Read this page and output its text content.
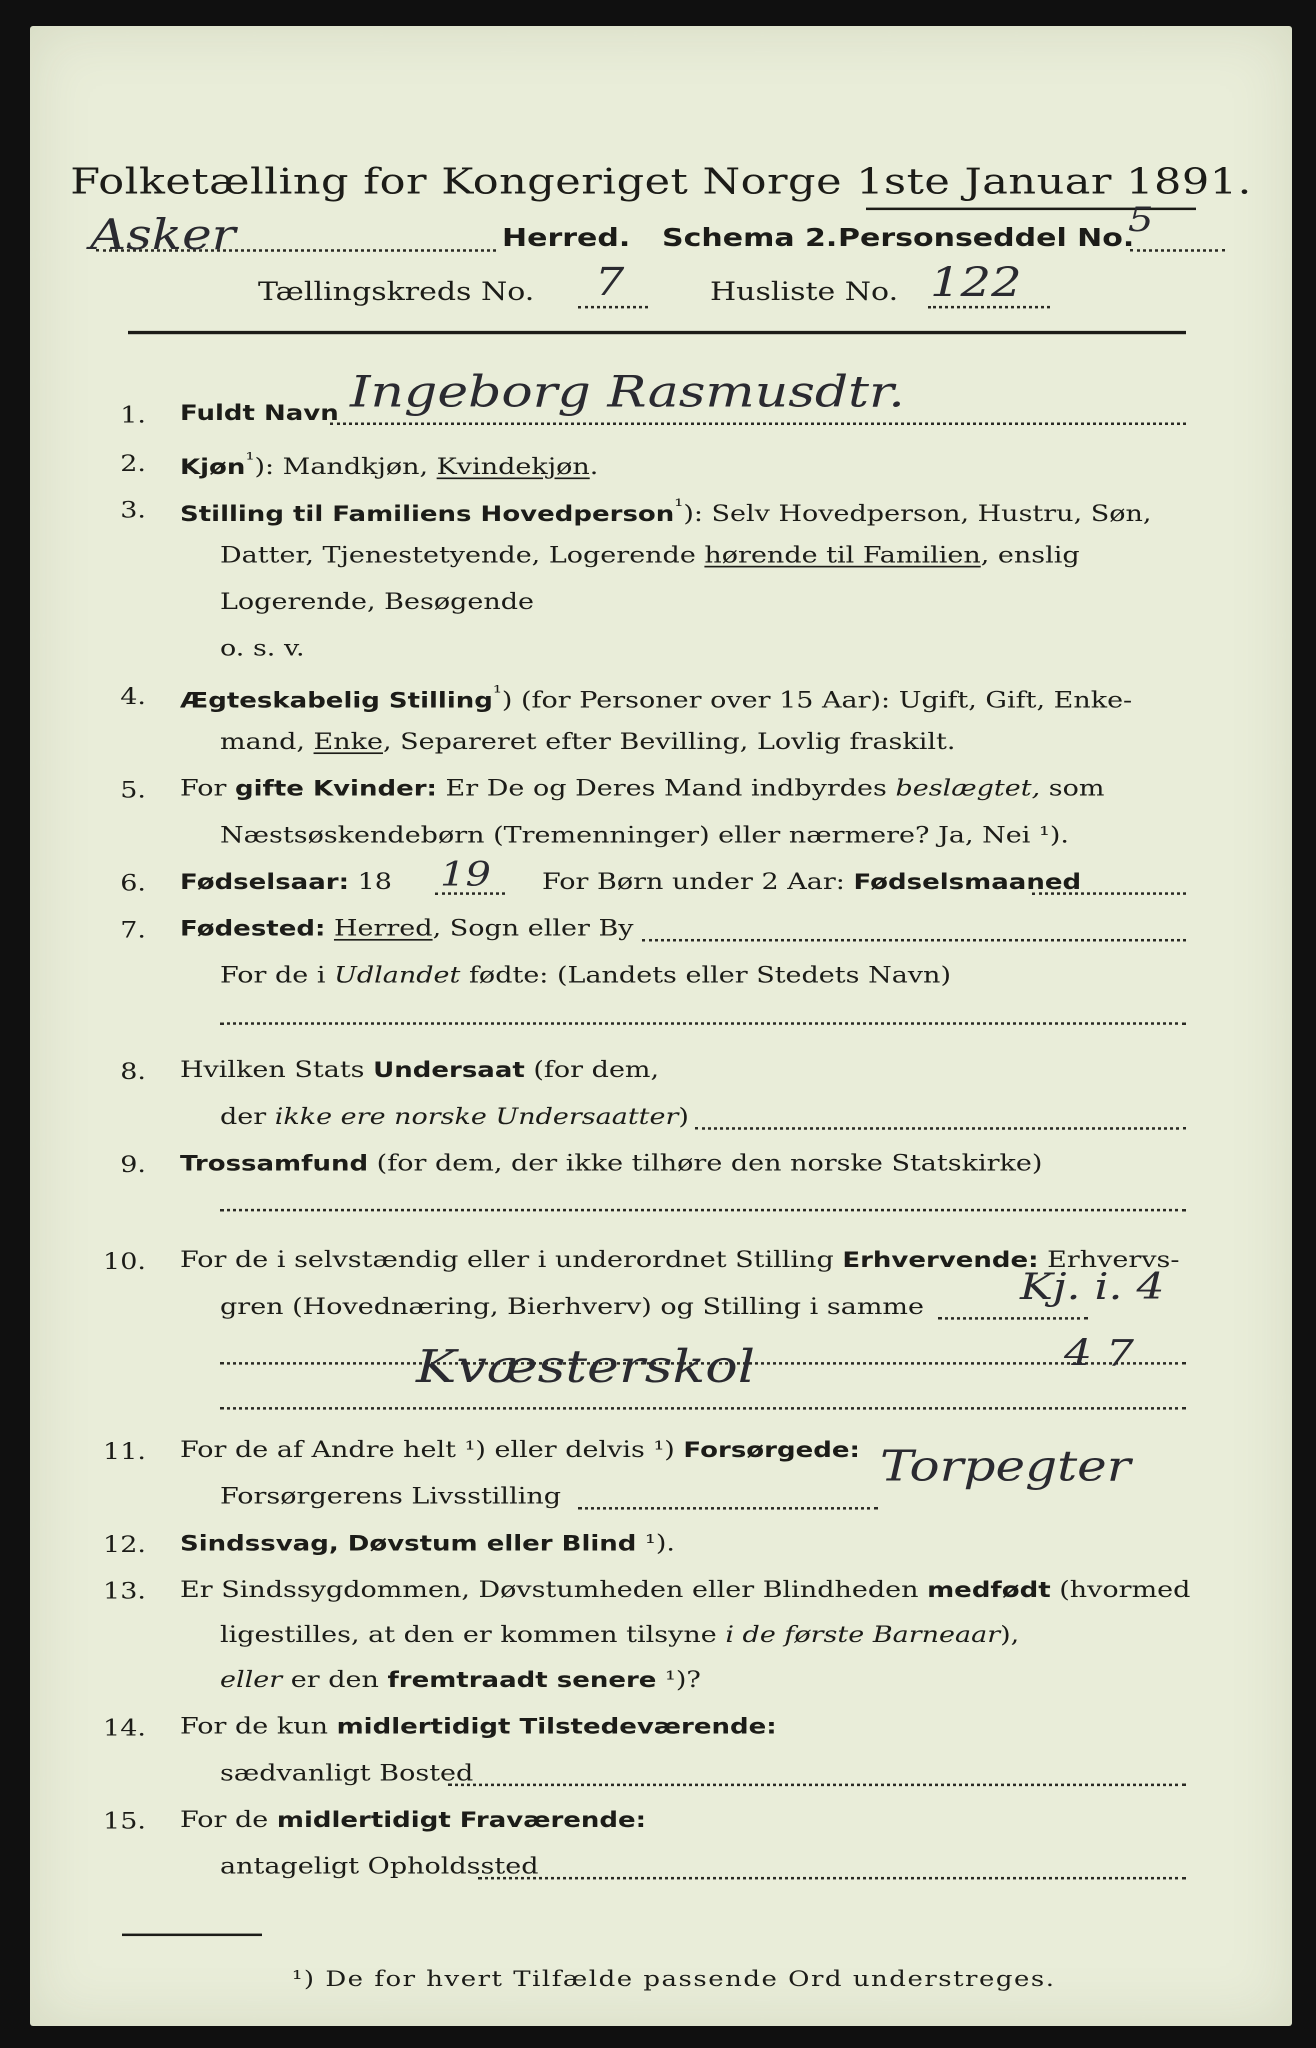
Folketælling for Kongeriget Norge 1ste Januar 1891.
Asker	Herred. Schema 2. Personseddel No.
5
Tællingskreds No. 7	Husliste No. 122
1. Fuldt Navn Ingeborg Rasmusdtr.
2. Kjøn$^{^1}$): Mandkjøn, Kvindekjøn.
3. Stilling til Familiens Hovedperson$^{^1}$): Selv Hovedperson, Hustru, Søn,
Datter, Tjenestetyende, Logerende hørende til Familien, enslig
Logerende, Besøgende
o. s. v.
4. Ægteskabelig Stilling$^{^1}$) (for Personer over 15 Aar): Ugift, Gift, Enke-
mand, Enke, Separeret efter Bevilling, Lovlig fraskilt.
5. For gifte Kvinder: Er De og Deres Mand indbyrdes beslægtet, som
Næstsøskendebørn (Tremenninger) eller nærmere? Ja, Nei ¹).
6. Fødselsaar: 18 19 For Børn under 2 Aar: Fødselsmaaned
7. Fødested: Herred, Sogn eller By
For de i Udlandet fødte: (Landets eller Stedets Navn)
8. Hvilken Stats Undersaat (for dem,
der ikke ere norske Undersaatter)
9. Trossamfund (for dem, der ikke tilhøre den norske Statskirke)
10. For de i selvstændig eller i underordnet Stilling Erhvervende: Erhvervs-
gren (Hovednæring, Bierhverv) og Stilling i samme Kj. i. 4
Kvæsterskol	4 7
11. For de af Andre helt ¹) eller delvis ¹) Forsørgede:
Forsørgerens Livsstilling
Torpegter
12. Sindssvag, Døvstum eller Blind ¹).
13. Er Sindssygdommen, Døvstumheden eller Blindheden medfødt (hvormed
ligestilles, at den er kommen tilsyne i de første Barneaar),
eller er den fremtraadt senere ¹)?
14. For de kun midlertidigt Tilstedeværende:
sædvanligt Bosted
15. For de midlertidigt Fraværende:
antageligt Opholdssted
¹) De for hvert Tilfælde passende Ord understreges.
